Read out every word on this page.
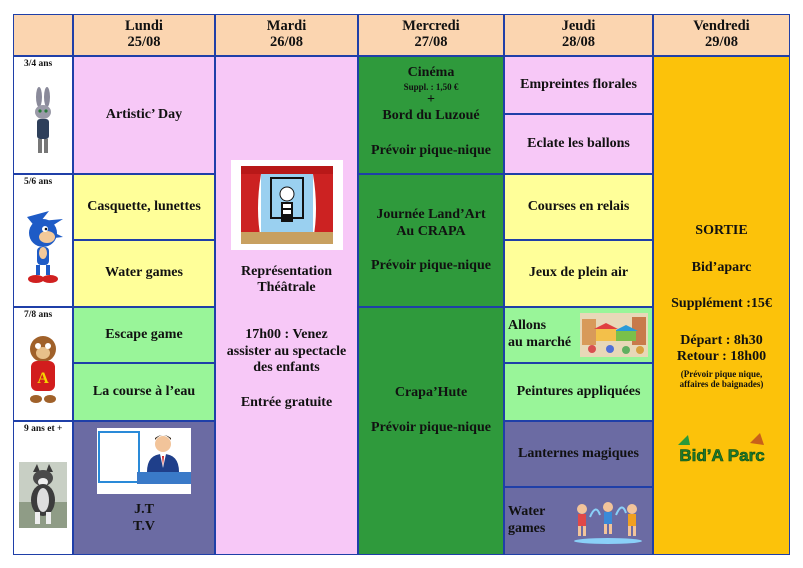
Lundi
25/08
Mardi
26/08
Mercredi
27/08
Jeudi
28/08
Vendredi
29/08
3/4 ans
5/6 ans
7/8 ans
A
9 ans et +
Artistic’ Day
Casquette, lunettes
Water games
Escape game
La course à l’eau
J.T
T.V
Représentation
Théâtrale
17h00 : Venez
assister au spectacle
des enfants
Entrée gratuite
Cinéma
Suppl. : 1,50 €
+
Bord du Luzoué
Prévoir pique-nique
Journée Land’Art
Au CRAPA
Prévoir pique-nique
Crapa’Hute
Prévoir pique-nique
Empreintes florales
Eclate les ballons
Courses en relais
Jeux de plein air
Allons
au marché
Peintures appliquées
Lanternes magiques
Water
games
SORTIE
Bid’aparc
Supplément :15€
Départ : 8h30
Retour : 18h00
(Prévoir pique nique,
affaires de baignades)
Bid’A Parc
